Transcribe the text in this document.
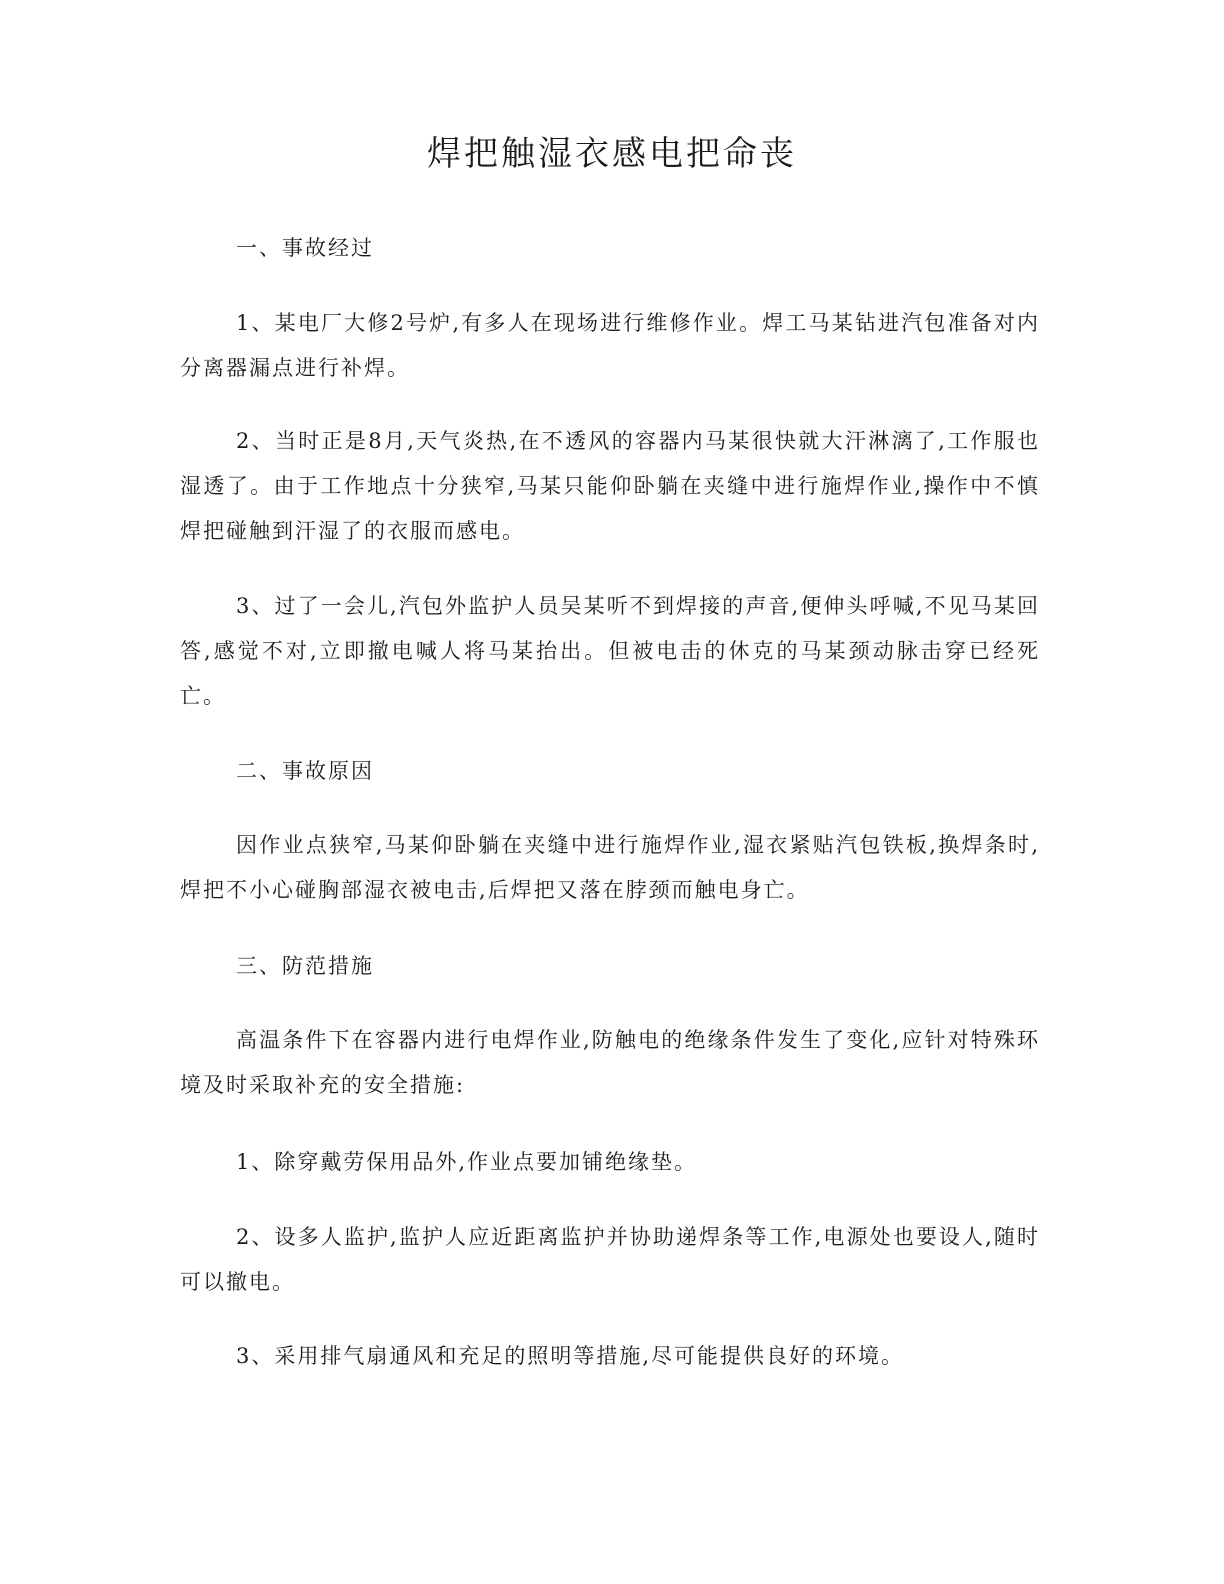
焊把触湿衣感电把命丧

一、事故经过

1、某电厂大修2号炉,有多人在现场进行维修作业。焊工马某钻进汽包准备对内分离器漏点进行补焊。

2、当时正是8月,天气炎热,在不透风的容器内马某很快就大汗淋漓了,工作服也湿透了。由于工作地点十分狭窄,马某只能仰卧躺在夹缝中进行施焊作业,操作中不慎焊把碰触到汗湿了的衣服而感电。

3、过了一会儿,汽包外监护人员吴某听不到焊接的声音,便伸头呼喊,不见马某回答,感觉不对,立即撤电喊人将马某抬出。但被电击的休克的马某颈动脉击穿已经死亡。

二、事故原因

因作业点狭窄,马某仰卧躺在夹缝中进行施焊作业,湿衣紧贴汽包铁板,换焊条时,焊把不小心碰胸部湿衣被电击,后焊把又落在脖颈而触电身亡。

三、防范措施

高温条件下在容器内进行电焊作业,防触电的绝缘条件发生了变化,应针对特殊环境及时采取补充的安全措施:

1、除穿戴劳保用品外,作业点要加铺绝缘垫。

2、设多人监护,监护人应近距离监护并协助递焊条等工作,电源处也要设人,随时可以撤电。

3、采用排气扇通风和充足的照明等措施,尽可能提供良好的环境。
